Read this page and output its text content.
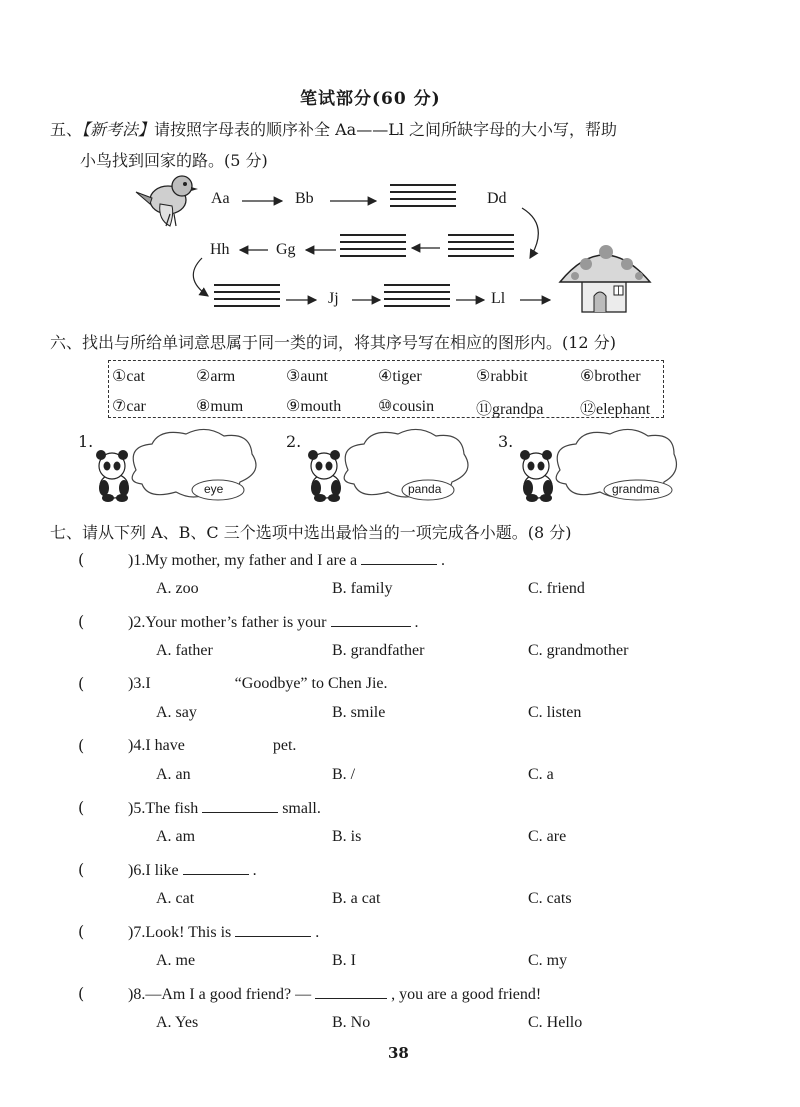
笔试部分(60 分)
五、【新考法】请按照字母表的顺序补全 Aa——Ll 之间所缺字母的大小写，帮助
小鸟找到回家的路。(5 分)
Aa	Bb	Dd
Hh	Gg
Jj	Ll
六、找出与所给单词意思属于同一类的词，将其序号写在相应的图形内。(12 分)
①cat	②arm	③aunt	④tiger	⑤rabbit	⑥brother
⑦car	⑧mum	⑨mouth ⑩cousin	⑪grandpa ⑫elephant
1.	2.	3.
eye	panda	grandma
七、请从下列 A、B、C 三个选项中选出最恰当的一项完成各小题。(8 分)
(	)1.My mother, my father and I are a	.
A. zoo	B. family	C. friend
(	)2.Your mother’s father is your	.
A. father	B. grandfather	C. grandmother
(	)3.I	“Goodbye” to Chen Jie.
A. say	B. smile	C. listen
(	)4.I have	pet.
A. an	B. /	C. a
(	)5.The fish	small.
A. am	B. is	C. are
(	)6.I like	.
A. cat	B. a cat	C. cats
(	)7.Look! This is	.
A. me	B. I	C. my
(	)8.—Am I a good friend? —	, you are a good friend!
A. Yes	B. No	C. Hello
38
